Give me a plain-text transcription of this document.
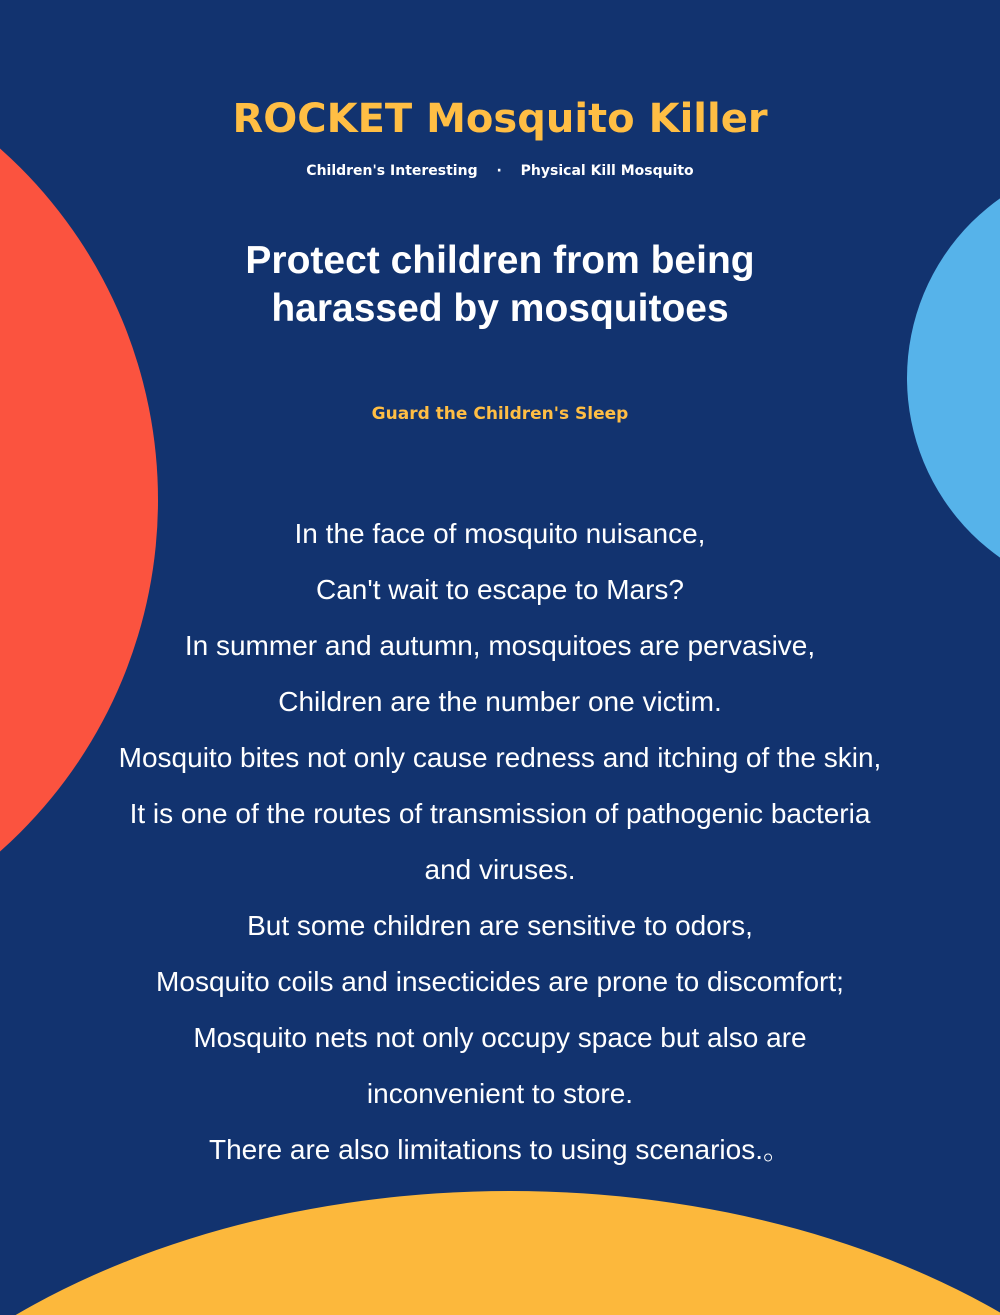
ROCKET Mosquito Killer
Children's Interesting · Physical Kill Mosquito
Protect children from being
harassed by mosquitoes
Guard the Children's Sleep
In the face of mosquito nuisance,
Can't wait to escape to Mars?
In summer and autumn, mosquitoes are pervasive,
Children are the number one victim.
Mosquito bites not only cause redness and itching of the skin,
It is one of the routes of transmission of pathogenic bacteria
and viruses.
But some children are sensitive to odors,
Mosquito coils and insecticides are prone to discomfort;
Mosquito nets not only occupy space but also are
inconvenient to store.
There are also limitations to using scenarios.。
